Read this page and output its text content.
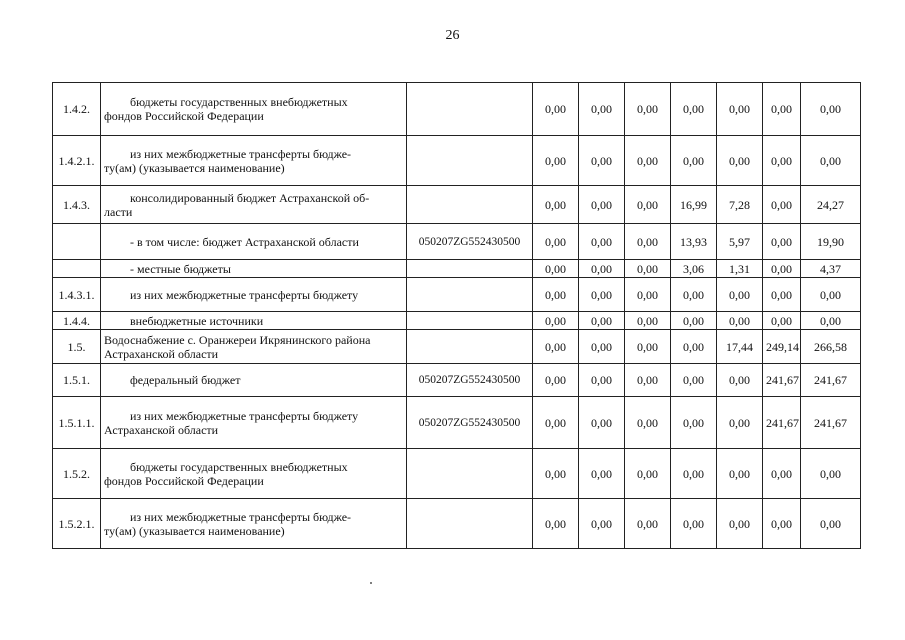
26
1.4.2.	бюджеты государственных внебюджетных
фондов Российской Федерации		0,00	0,00	0,00	0,00	0,00	0,00	0,00
1.4.2.1.	из них межбюджетные трансферты бюдже-
ту(ам) (указывается наименование)		0,00	0,00	0,00	0,00	0,00	0,00	0,00
1.4.3.	консолидированный бюджет Астраханской об-
ласти		0,00	0,00	0,00	16,99	7,28	0,00	24,27

	- в том числе: бюджет Астраханской области	050207ZG552430500	0,00	0,00	0,00	13,93	5,97	0,00	19,90

	- местные бюджеты		0,00	0,00	0,00	3,06	1,31	0,00	4,37
1.4.3.1.	из них межбюджетные трансферты бюджету		0,00	0,00	0,00	0,00	0,00	0,00	0,00
1.4.4.	внебюджетные источники		0,00	0,00	0,00	0,00	0,00	0,00	0,00
1.5.	Водоснабжение с. Оранжереи Икрянинского района
Астраханской области		0,00	0,00	0,00	0,00	17,44	249,14	266,58
1.5.1.	федеральный бюджет	050207ZG552430500	0,00	0,00	0,00	0,00	0,00	241,67	241,67
1.5.1.1.	из них межбюджетные трансферты бюджету
Астраханской области	050207ZG552430500	0,00	0,00	0,00	0,00	0,00	241,67	241,67
1.5.2.	бюджеты государственных внебюджетных
фондов Российской Федерации		0,00	0,00	0,00	0,00	0,00	0,00	0,00
1.5.2.1.	из них межбюджетные трансферты бюдже-
ту(ам) (указывается наименование)		0,00	0,00	0,00	0,00	0,00	0,00	0,00
